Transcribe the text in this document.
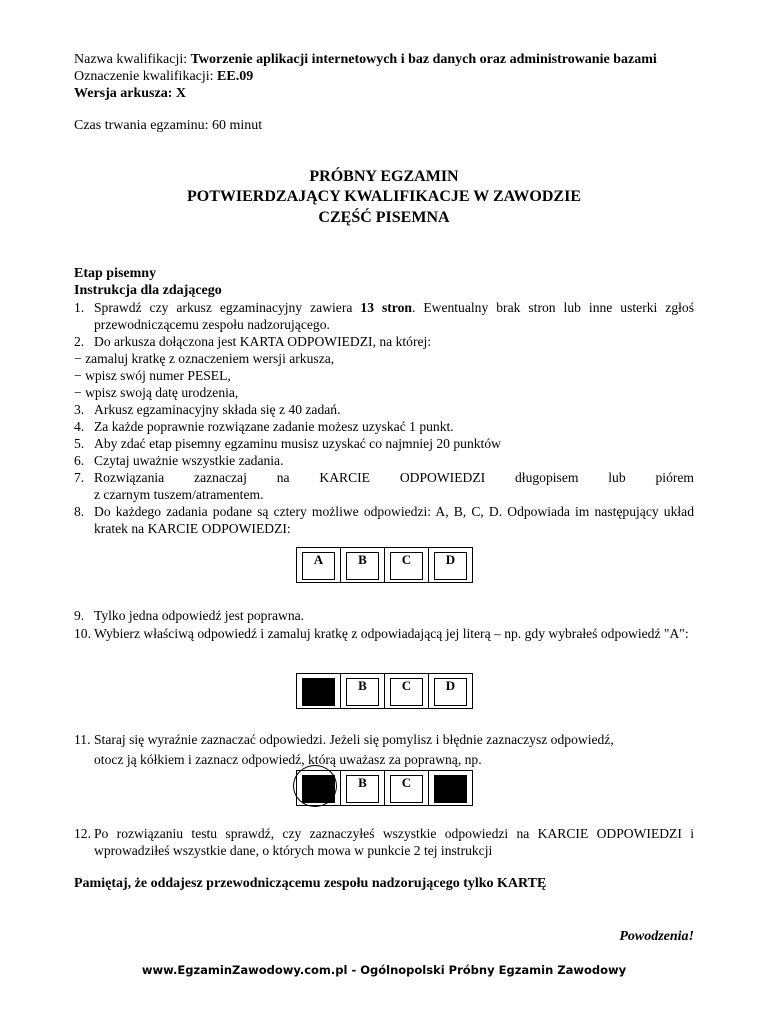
Nazwa kwalifikacji: Tworzenie aplikacji internetowych i baz danych oraz administrowanie bazami
Oznaczenie kwalifikacji: EE.09
Wersja arkusza: X
Czas trwania egzaminu: 60 minut
PRÓBNY EGZAMIN
POTWIERDZAJĄCY KWALIFIKACJE W ZAWODZIE
CZĘŚĆ PISEMNA
Etap pisemny
Instrukcja dla zdającego
1. Sprawdź czy arkusz egzaminacyjny zawiera 13 stron. Ewentualny brak stron lub inne usterki zgłoś przewodniczącemu zespołu nadzorującego.
2. Do arkusza dołączona jest KARTA ODPOWIEDZI, na której:
− zamaluj kratkę z oznaczeniem wersji arkusza,
− wpisz swój numer PESEL,
− wpisz swoją datę urodzenia,
3. Arkusz egzaminacyjny składa się z 40 zadań.
4. Za każde poprawnie rozwiązane zadanie możesz uzyskać 1 punkt.
5. Aby zdać etap pisemny egzaminu musisz uzyskać co najmniej 20 punktów
6. Czytaj uważnie wszystkie zadania.
7. Rozwiązania zaznaczaj na KARCIE ODPOWIEDZI długopisem lub piórem
z czarnym tuszem/atramentem.
8. Do każdego zadania podane są cztery możliwe odpowiedzi: A, B, C, D. Odpowiada im następujący układ kratek na KARCIE ODPOWIEDZI:
A	B	C	D
9. Tylko jedna odpowiedź jest poprawna.
10. Wybierz właściwą odpowiedź i zamaluj kratkę z odpowiadającą jej literą – np. gdy wybrałeś odpowiedź "A":
B	C	D
11. Staraj się wyraźnie zaznaczać odpowiedzi. Jeżeli się pomylisz i błędnie zaznaczysz odpowiedź,
otocz ją kółkiem i zaznacz odpowiedź, którą uważasz za poprawną, np.
B	C
12. Po rozwiązaniu testu sprawdź, czy zaznaczyłeś wszystkie odpowiedzi na KARCIE ODPOWIEDZI i wprowadziłeś wszystkie dane, o których mowa w punkcie 2 tej instrukcji
Pamiętaj, że oddajesz przewodniczącemu zespołu nadzorującego tylko KARTĘ
Powodzenia!
www.EgzaminZawodowy.com.pl - Ogólnopolski Próbny Egzamin Zawodowy
